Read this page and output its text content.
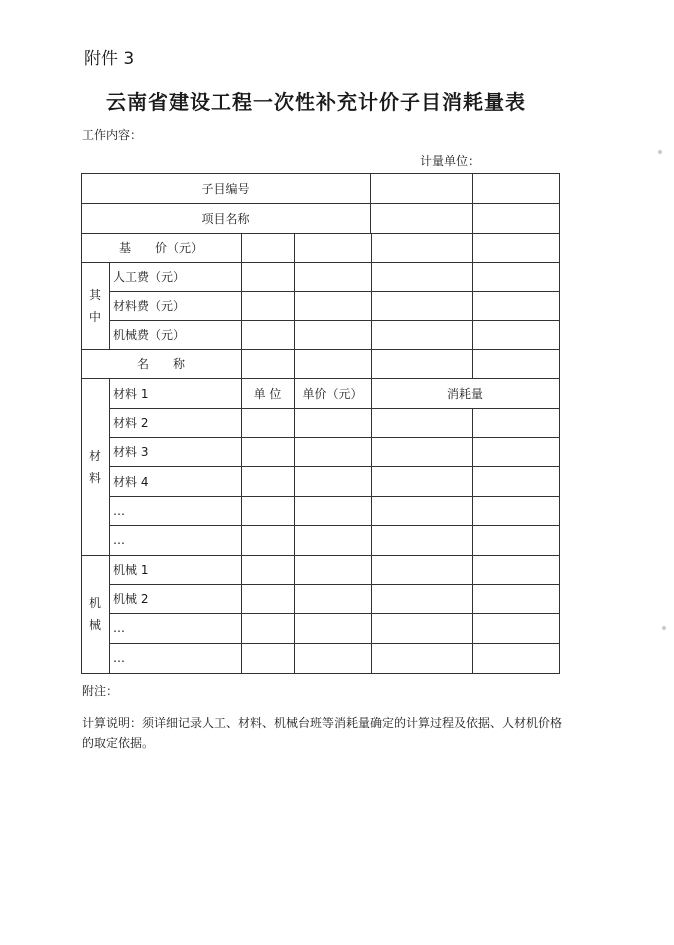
附件 3
云南省建设工程一次性补充计价子目消耗量表
工作内容：
计量单位：
子目编号
项目名称
基　　价（元）
其
中
人工费（元）
材料费（元）
机械费（元）
名　　称
单 位	单价（元）	消耗量
材
料
机
械
材料 1
材料 2
材料 3
材料 4
…
…
机械 1
机械 2
…
…
附注：
计算说明：须详细记录人工、材料、机械台班等消耗量确定的计算过程及依据、人材机价格的取定依据。
